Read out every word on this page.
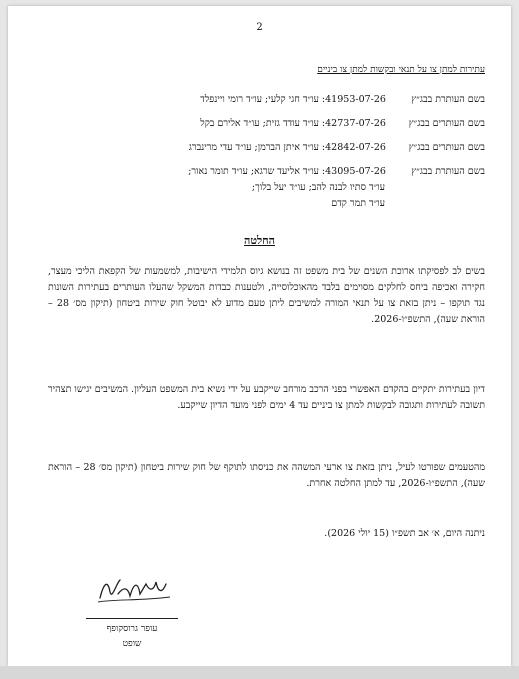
2
עתירות למתן צו על תנאי ובקשות למתן צו ביניים
בשם העותרת בבג״ץ 41953-07-26: עו״ד חגי קלעי; עו״ד רומי ויינפלד
בשם העותרים בבג״ץ 42737-07-26: עו״ד עודד גזית; עו״ד אלירם בקל
בשם העותרים בבג״ץ 42842-07-26: עו״ד איתן הברמן; עו״ד עדי מרינברג
בשם העותרת בבג״ץ 43095-07-26: עו״ד אליעד שרגא; עו״ד תומר נאור;
עו״ד סתיו לבנה להב; עו״ד יעל בלוך;
עו״ד תמר קדם
החלטה
בשים לב לפסיקתו ארוכת השנים של בית משפט זה בנושא גיוס תלמידי הישיבות, למשמעות של הקפאת הליכי מעצר, חקירה ואכיפה ביחס לחלקים מסוימים בלבד מהאוכלוסייה, ולטענות כבדות המשקל שהעלו העותרים בעתירות השונות נגד תוקפו – ניתן בזאת צו על תנאי המורה למשיבים ליתן טעם מדוע לא יבוטל חוק שירות ביטחון (תיקון מס׳ 28 – הוראת שעה), התשפ״ו-2026.
דיון בעתירות יתקיים בהקדם האפשרי בפני הרכב מורחב שייקבע על ידי נשיא בית המשפט העליון. המשיבים יגישו תצהיר תשובה לעתירות ותגובה לבקשות למתן צו ביניים עד 4 ימים לפני מועד הדיון שייקבע.
מהטעמים שפורטו לעיל, ניתן בזאת צו ארעי המשהה את כניסתו לתוקף של חוק שירות ביטחון (תיקון מס׳ 28 – הוראת שעה), התשפ״ו-2026, עד למתן החלטה אחרת.
ניתנה היום, א׳ אב תשפ״ו (15 יולי 2026).
עופר גרוסקופף
שופט
